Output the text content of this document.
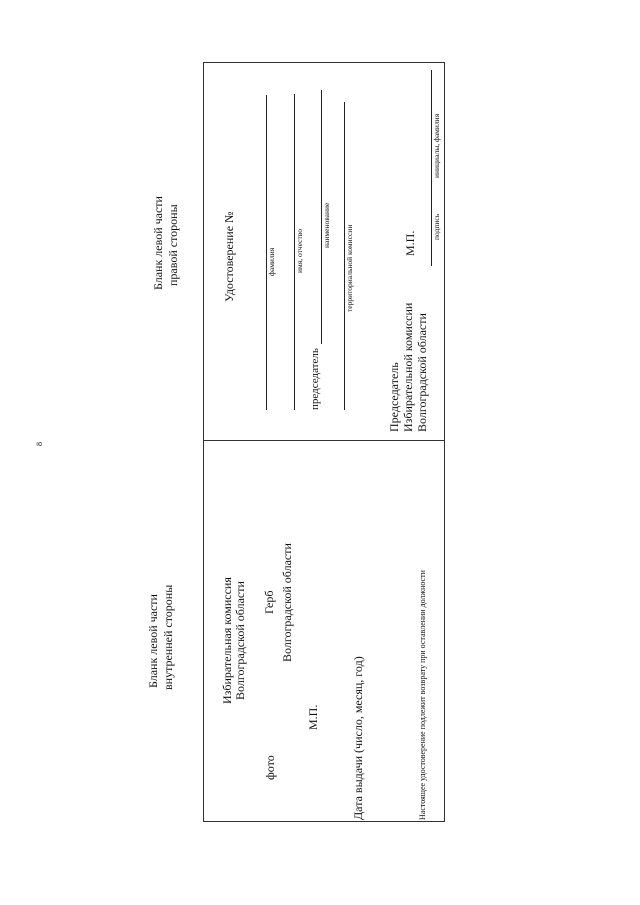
8
Бланк левой части внутренней стороны
Бланк левой части правой стороны
Избирательная комиссия Волгоградской области
фото
Герб Волгоградской области
М.П.	Дата выдачи (число, месяц, год)	Настоящее удостоверение подлежит возврату при оставлении должности
Удостоверение №	фамилия	имя, отчество
председатель
наименование территориальной комиссии
Председатель Избирательной комиссии Волгоградской области
М.П.
подпись
инициалы, фамилия
